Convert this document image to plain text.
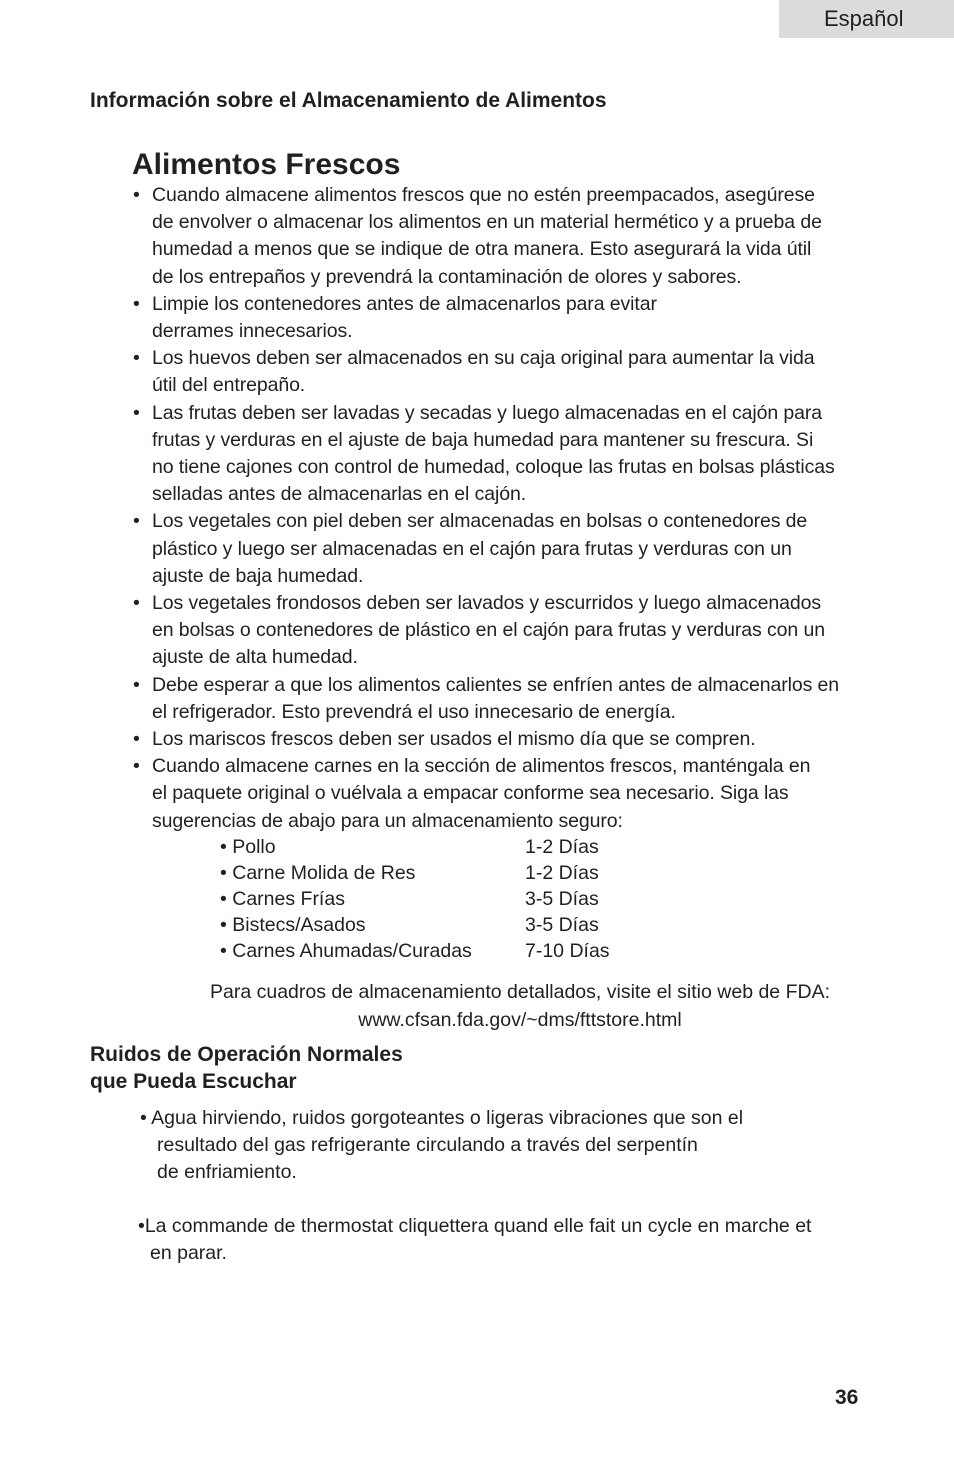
Español
Información sobre el Almacenamiento de Alimentos
Alimentos Frescos
• Cuando almacene alimentos frescos que no estén preempacados, asegúrese
de envolver o almacenar los alimentos en un material hermético y a prueba de
humedad a menos que se indique de otra manera. Esto asegurará la vida útil
de los entrepaños y prevendrá la contaminación de olores y sabores.
• Limpie los contenedores antes de almacenarlos para evitar
derrames innecesarios.
• Los huevos deben ser almacenados en su caja original para aumentar la vida
útil del entrepaño.
• Las frutas deben ser lavadas y secadas y luego almacenadas en el cajón para
frutas y verduras en el ajuste de baja humedad para mantener su frescura. Si
no tiene cajones con control de humedad, coloque las frutas en bolsas plásticas
selladas antes de almacenarlas en el cajón.
• Los vegetales con piel deben ser almacenadas en bolsas o contenedores de
plástico y luego ser almacenadas en el cajón para frutas y verduras con un
ajuste de baja humedad.
• Los vegetales frondosos deben ser lavados y escurridos y luego almacenados
en bolsas o contenedores de plástico en el cajón para frutas y verduras con un
ajuste de alta humedad.
• Debe esperar a que los alimentos calientes se enfríen antes de almacenarlos en
el refrigerador. Esto prevendrá el uso innecesario de energía.
• Los mariscos frescos deben ser usados el mismo día que se compren.
• Cuando almacene carnes en la sección de alimentos frescos, manténgala en
el paquete original o vuélvala a empacar conforme sea necesario. Siga las
sugerencias de abajo para un almacenamiento seguro:
• Pollo	1-2 Días
• Carne Molida de Res	1-2 Días
• Carnes Frías	3-5 Días
• Bistecs/Asados	3-5 Días
• Carnes Ahumadas/Curadas	7-10 Días
Para cuadros de almacenamiento detallados, visite el sitio web de FDA:
www.cfsan.fda.gov/~dms/fttstore.html
Ruidos de Operación Normales
que Pueda Escuchar

• Agua hirviendo, ruidos gorgoteantes o ligeras vibraciones que son el
resultado del gas refrigerante circulando a través del serpentín
de enfriamiento.

•La commande de thermostat cliquettera quand elle fait un cycle en marche et
en parar.

36
